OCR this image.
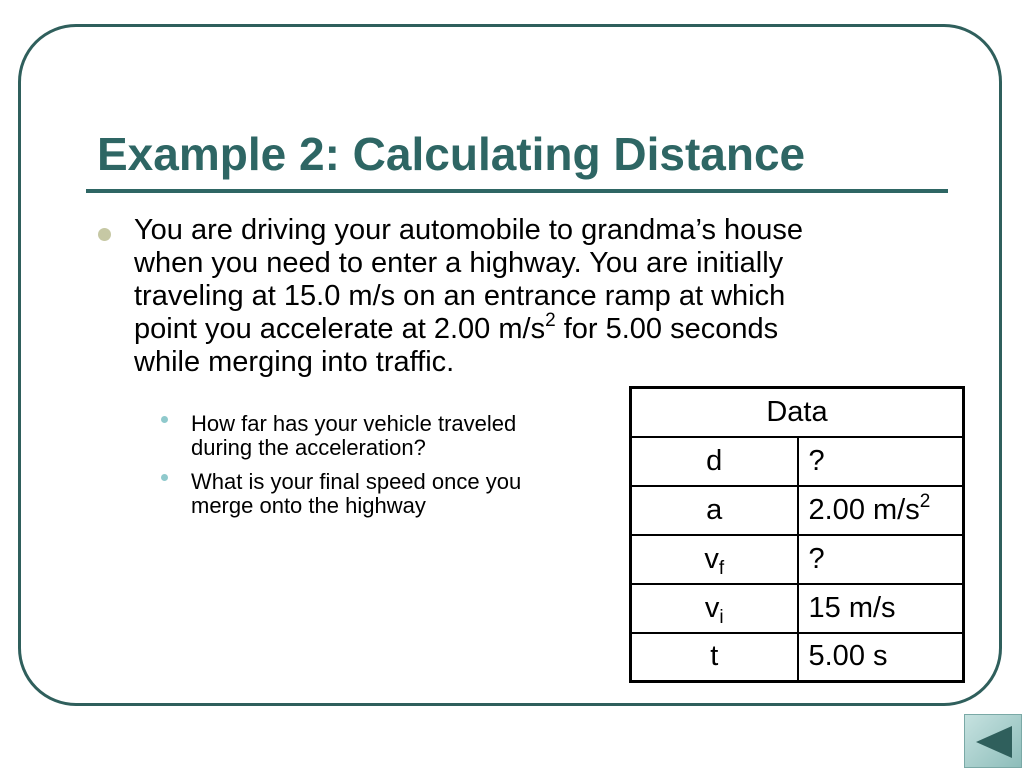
Example 2: Calculating Distance

You are driving your automobile to grandma’s house
when you need to enter a highway. You are initially
traveling at 15.0 m/s on an entrance ramp at which
point you accelerate at 2.00 $m/s^2$ for 5.00 seconds
while merging into traffic.

How far has your vehicle traveled
during the acceleration?

What is your final speed once you
merge onto the highway

Data	
d	?
a	2.00 $m/s^2$
$v_f$	?
$v_i$	15 m/s
t	5.00 s
